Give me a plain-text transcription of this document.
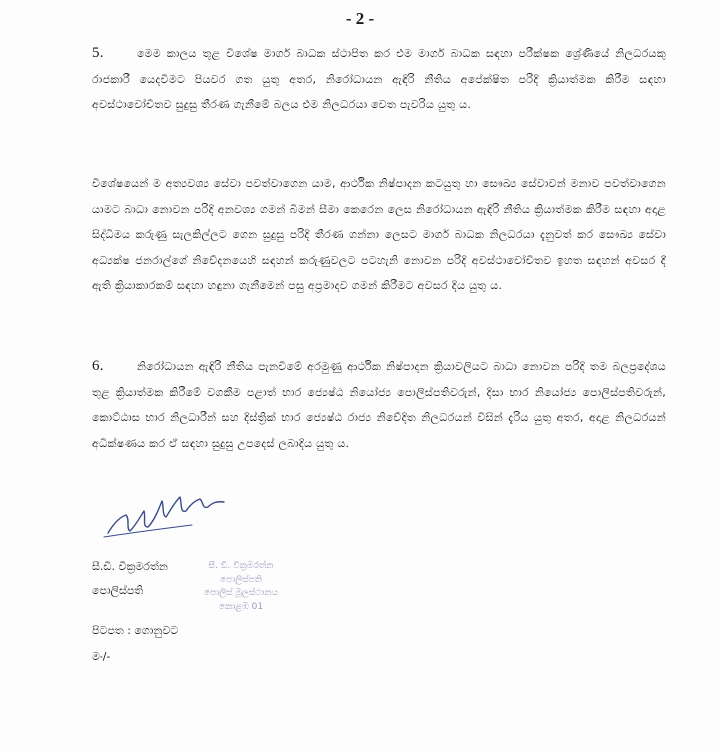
- 2 -

5.	මෙම කාලය තුළ විශේෂ මාර්ග බාධක ස්ථාපිත කර එම මාර්ග බාධක සඳහා පරීක්ෂක ශ්‍රේණියේ නිලධරයකු රාජකාරී යෙදවීමට පියවර ගත යුතු අතර, නිරෝධායන ඇඳිරි නීතිය අපේක්ෂිත පරිදි ක්‍රියාත්මක කිරීම සඳහා අවස්ථාවෝචිතව සුදුසු තීරණ ගැනීමේ බලය එම නිලධරයා වෙත පැවරිය යුතු ය.

විශේෂයෙන් ම අත්‍යවශ්‍ය සේවා පවත්වාගෙන යාම, ආර්ථික නිෂ්පාදන කටයුතු හා සෞඛ්‍ය සේවාවන් මනාව පවත්වාගෙන යාමට බාධා නොවන පරිදි අනවශ්‍ය ගමන් බිමන් සීමා කෙරෙන ලෙස නිරෝධායන ඇඳිරි නීතිය ක්‍රියාත්මක කිරීම සඳහා අදාළ සිද්ධිමය කරුණු සැලකිල්ලට ගෙන සුදුසු පරිදි තීරණ ගන්නා ලෙසට මාර්ග බාධක නිලධරයා දැනුවත් කර සෞඛ්‍ය සේවා අධ්‍යක්ෂ ජනරාල්ගේ නිවේදනයෙහි සඳහන් කරුණුවලට පටහැනි නොවන පරිදි අවස්ථාවෝචිතව ඉහත සඳහන් අවසර දී ඇති ක්‍රියාකාරකම් සඳහා හඳුනා ගැනීමෙන් පසු අප්‍රමාදව ගමන් කිරීමට අවසර දිය යුතු ය.

6.	නිරෝධායන ඇඳිරි නීතිය පැනවීමේ අරමුණු ආර්ථික නිෂ්පාදන ක්‍රියාවලියට බාධා නොවන පරිදි තම බලප්‍රදේශය තුළ ක්‍රියාත්මක කිරීමේ වගකීම පළාත් භාර ජ්‍යෙෂ්ඨ නියෝජ්‍ය පොලිස්පතිවරුන්, දිසා භාර නියෝජ්‍ය පොලිස්පතිවරුන්, කොට්ඨාස භාර නිලධාරීන් සහ දිස්ත්‍රික් භාර ජ්‍යෙෂ්ඨ රාජ්‍ය නිවේදිත නිලධරයන් විසින් දැරිය යුතු අතර, අදාළ නිලධරයන් අධීක්ෂණය කර ඒ සඳහා සුදුසු උපදෙස් ලබාදිය යුතු ය.

සී. ඩී. වික්‍රමරත්න
පොලිස්පති
පොලිස් මූලස්ථානය
කොළඹ 01
සී.ඩී. වික්‍රමරත්න
පොලිස්පති
පිටපත : ගොනුවට
මං/-
